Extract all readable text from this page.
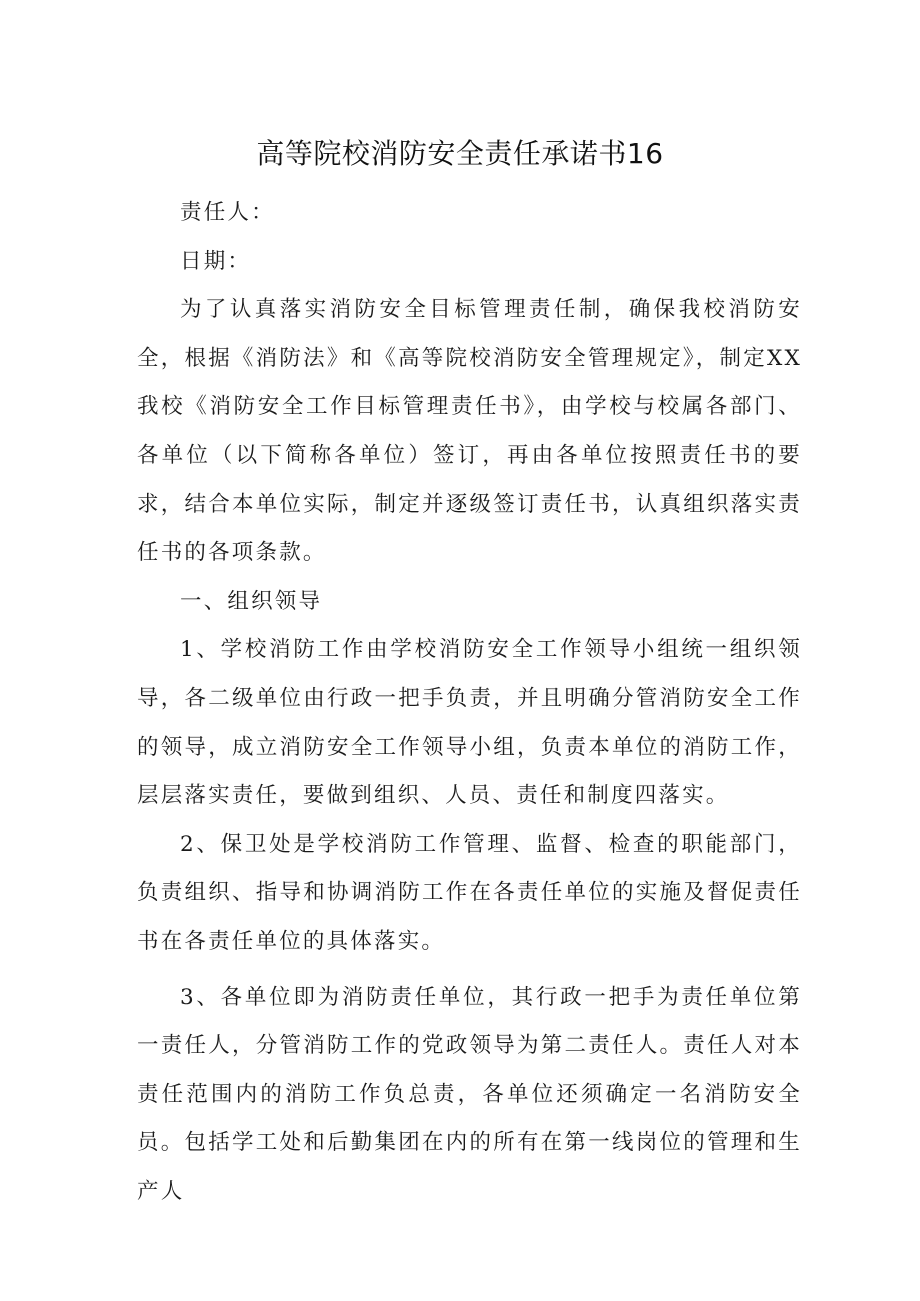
高等院校消防安全责任承诺书16

责任人：

日期：

为了认真落实消防安全目标管理责任制，确保我校消防安全，根据《消防法》和《高等院校消防安全管理规定》，制定XX我校《消防安全工作目标管理责任书》，由学校与校属各部门、各单位（以下简称各单位）签订，再由各单位按照责任书的要求，结合本单位实际，制定并逐级签订责任书，认真组织落实责任书的各项条款。

一、组织领导

1、学校消防工作由学校消防安全工作领导小组统一组织领导，各二级单位由行政一把手负责，并且明确分管消防安全工作的领导，成立消防安全工作领导小组，负责本单位的消防工作，层层落实责任，要做到组织、人员、责任和制度四落实。

2、保卫处是学校消防工作管理、监督、检查的职能部门，负责组织、指导和协调消防工作在各责任单位的实施及督促责任书在各责任单位的具体落实。

3、各单位即为消防责任单位，其行政一把手为责任单位第一责任人，分管消防工作的党政领导为第二责任人。责任人对本责任范围内的消防工作负总责，各单位还须确定一名消防安全员。包括学工处和后勤集团在内的所有在第一线岗位的管理和生产人
